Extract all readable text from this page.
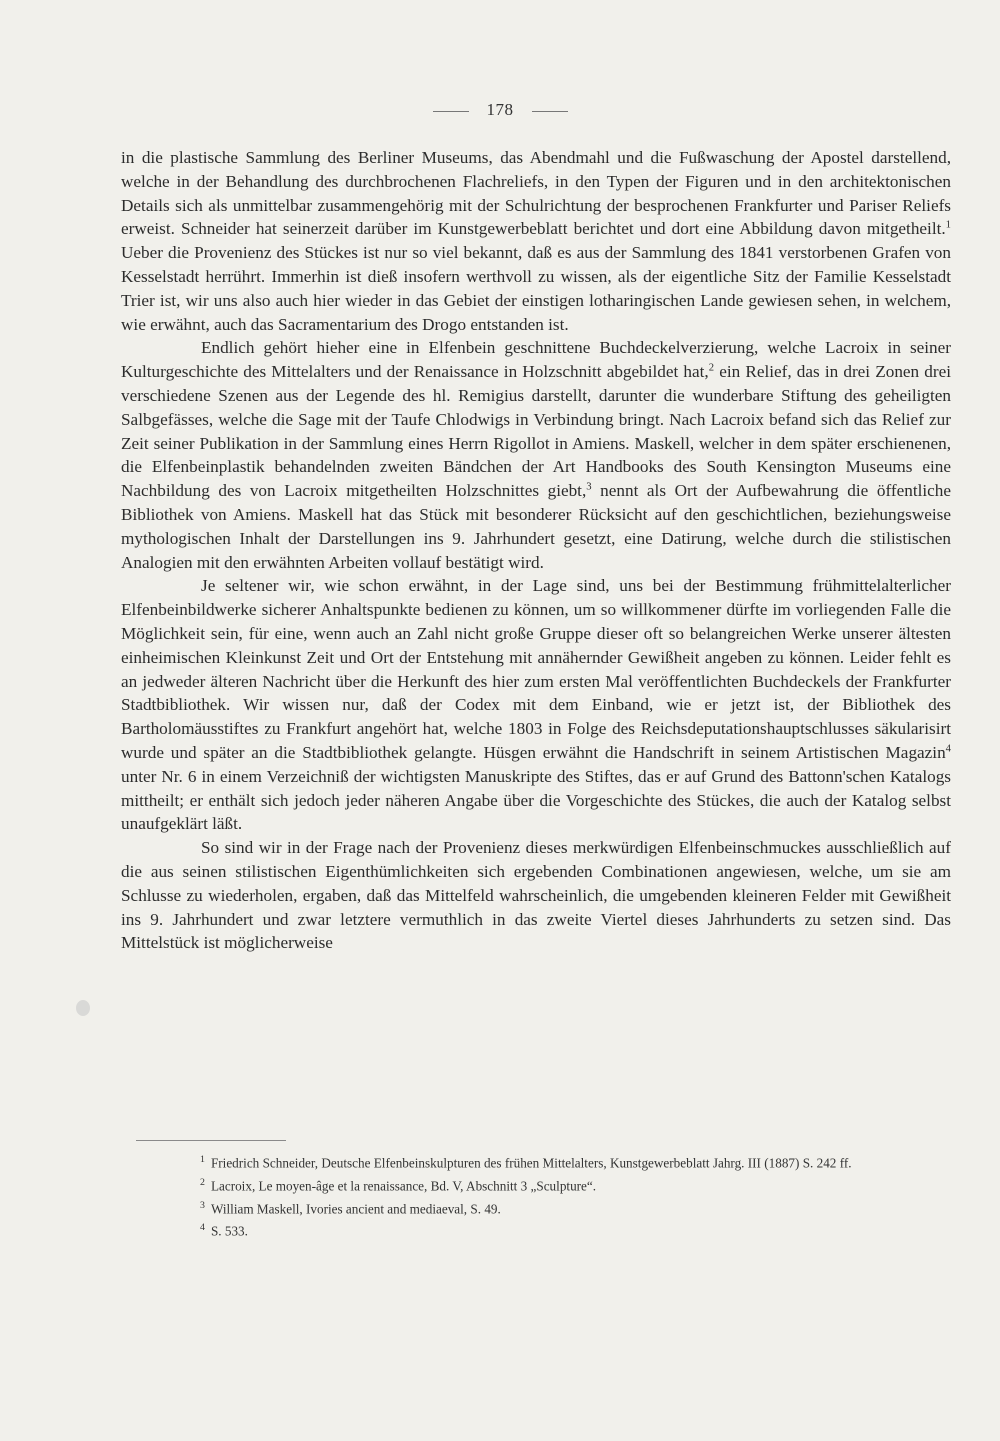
178

in die plastische Sammlung des Berliner Museums, das Abendmahl und die Fußwaschung der Apostel darstellend, welche in der Behandlung des durchbrochenen Flachreliefs, in den Typen der Figuren und in den architektonischen Details sich als unmittelbar zusammengehörig mit der Schulrichtung der besprochenen Frankfurter und Pariser Reliefs erweist. Schneider hat seinerzeit darüber im Kunstgewerbeblatt berichtet und dort eine Abbildung davon mitgetheilt.$^1$ Ueber die Provenienz des Stückes ist nur so viel bekannt, daß es aus der Sammlung des 1841 verstorbenen Grafen von Kesselstadt herrührt. Immerhin ist dieß insofern werthvoll zu wissen, als der eigentliche Sitz der Familie Kesselstadt Trier ist, wir uns also auch hier wieder in das Gebiet der einstigen lotharingischen Lande gewiesen sehen, in welchem, wie erwähnt, auch das Sacramentarium des Drogo entstanden ist.

Endlich gehört hieher eine in Elfenbein geschnittene Buchdeckelverzierung, welche Lacroix in seiner Kulturgeschichte des Mittelalters und der Renaissance in Holzschnitt abgebildet hat,$^2$ ein Relief, das in drei Zonen drei verschiedene Szenen aus der Legende des hl. Remigius darstellt, darunter die wunderbare Stiftung des geheiligten Salbgefässes, welche die Sage mit der Taufe Chlodwigs in Verbindung bringt. Nach Lacroix befand sich das Relief zur Zeit seiner Publikation in der Sammlung eines Herrn Rigollot in Amiens. Maskell, welcher in dem später erschienenen, die Elfenbeinplastik behandelnden zweiten Bändchen der Art Handbooks des South Kensington Museums eine Nachbildung des von Lacroix mitgetheilten Holzschnittes giebt,$^3$ nennt als Ort der Aufbewahrung die öffentliche Bibliothek von Amiens. Maskell hat das Stück mit besonderer Rücksicht auf den geschichtlichen, beziehungsweise mythologischen Inhalt der Darstellungen ins 9. Jahrhundert gesetzt, eine Datirung, welche durch die stilistischen Analogien mit den erwähnten Arbeiten vollauf bestätigt wird.

Je seltener wir, wie schon erwähnt, in der Lage sind, uns bei der Bestimmung frühmittelalterlicher Elfenbeinbildwerke sicherer Anhaltspunkte bedienen zu können, um so willkommener dürfte im vorliegenden Falle die Möglichkeit sein, für eine, wenn auch an Zahl nicht große Gruppe dieser oft so belangreichen Werke unserer ältesten einheimischen Kleinkunst Zeit und Ort der Entstehung mit annähernder Gewißheit angeben zu können. Leider fehlt es an jedweder älteren Nachricht über die Herkunft des hier zum ersten Mal veröffentlichten Buchdeckels der Frankfurter Stadtbibliothek. Wir wissen nur, daß der Codex mit dem Einband, wie er jetzt ist, der Bibliothek des Bartholomäusstiftes zu Frankfurt angehört hat, welche 1803 in Folge des Reichsdeputationshauptschlusses säkularisirt wurde und später an die Stadtbibliothek gelangte. Hüsgen erwähnt die Handschrift in seinem Artistischen Magazin$^4$ unter Nr. 6 in einem Verzeichniß der wichtigsten Manuskripte des Stiftes, das er auf Grund des Battonn'schen Katalogs mittheilt; er enthält sich jedoch jeder näheren Angabe über die Vorgeschichte des Stückes, die auch der Katalog selbst unaufgeklärt läßt.

So sind wir in der Frage nach der Provenienz dieses merkwürdigen Elfenbeinschmuckes ausschließlich auf die aus seinen stilistischen Eigenthümlichkeiten sich ergebenden Combinationen angewiesen, welche, um sie am Schlusse zu wiederholen, ergaben, daß das Mittelfeld wahrscheinlich, die umgebenden kleineren Felder mit Gewißheit ins 9. Jahrhundert und zwar letztere vermuthlich in das zweite Viertel dieses Jahrhunderts zu setzen sind. Das Mittelstück ist möglicherweise

$^1$ Friedrich Schneider, Deutsche Elfenbeinskulpturen des frühen Mittelalters, Kunstgewerbeblatt Jahrg. III (1887) S. 242 ff.

$^2$ Lacroix, Le moyen-âge et la renaissance, Bd. V, Abschnitt 3 „Sculpture“.

$^3$ William Maskell, Ivories ancient and mediaeval, S. 49.

$^4$ S. 533.
